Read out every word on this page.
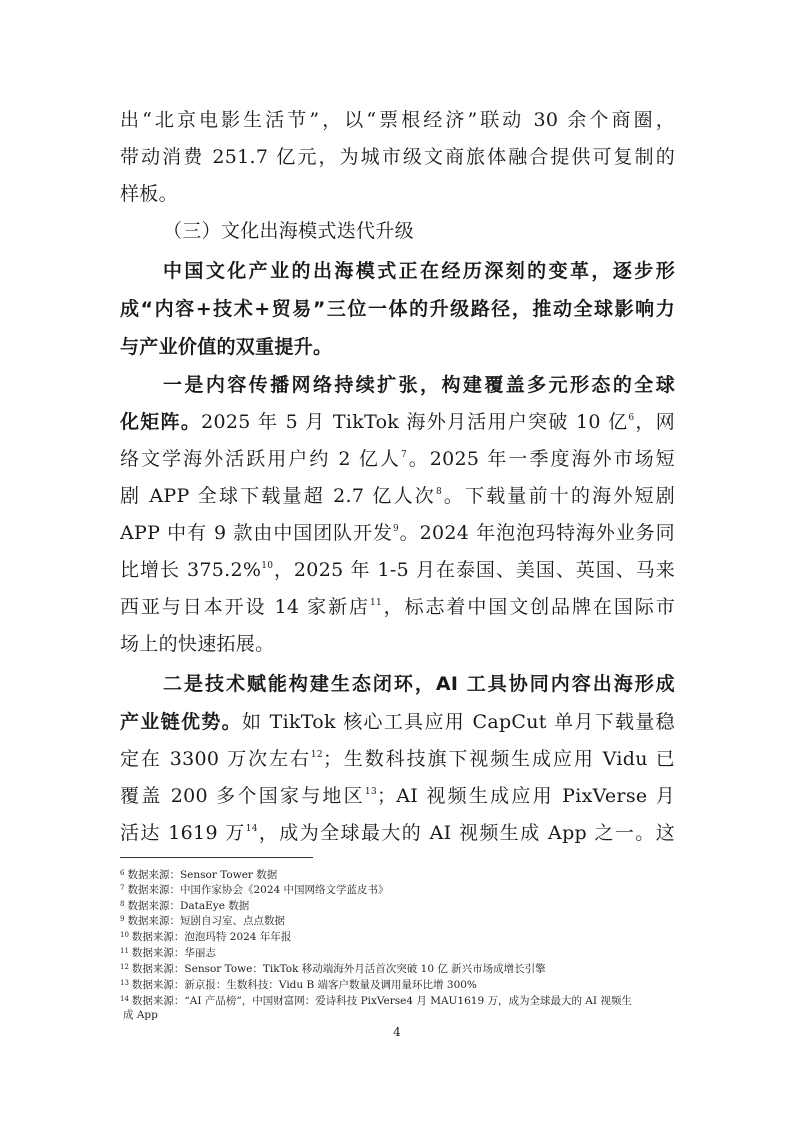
出“北京电影生活节”，以“票根经济”联动 30 余个商圈，
带动消费 251.7 亿元，为城市级文商旅体融合提供可复制的
样板。
（三）文化出海模式迭代升级
中国文化产业的出海模式正在经历深刻的变革，逐步形
成“内容+技术+贸易”三位一体的升级路径，推动全球影响力
与产业价值的双重提升。
一是内容传播网络持续扩张，构建覆盖多元形态的全球
化矩阵。2025 年 5 月 TikTok 海外月活用户突破 10 亿$^6$，网
络文学海外活跃用户约 2 亿人$^7$。2025 年一季度海外市场短
剧 APP 全球下载量超 2.7 亿人次$^8$。下载量前十的海外短剧
APP 中有 9 款由中国团队开发$^9$。2024 年泡泡玛特海外业务同
比增长 375.2%$^{10}$，2025 年 1-5 月在泰国、美国、英国、马来
西亚与日本开设 14 家新店$^{11}$，标志着中国文创品牌在国际市
场上的快速拓展。
二是技术赋能构建生态闭环，AI 工具协同内容出海形成
产业链优势。如 TikTok 核心工具应用 CapCut 单月下载量稳
定在 3300 万次左右$^{12}$；生数科技旗下视频生成应用 Vidu 已
覆盖 200 多个国家与地区$^{13}$；AI 视频生成应用 PixVerse 月
活达 1619 万$^{14}$，成为全球最大的 AI 视频生成 App 之一。这
$^6$ 数据来源：Sensor Tower 数据
$^7$ 数据来源：中国作家协会《2024 中国网络文学蓝皮书》
$^8$ 数据来源：DataEye 数据
$^9$ 数据来源：短剧自习室、点点数据
$^{10}$ 数据来源：泡泡玛特 2024 年年报
$^{11}$ 数据来源：华丽志
$^{12}$ 数据来源：Sensor Towe：TikTok 移动端海外月活首次突破 10 亿 新兴市场成增长引擎
$^{13}$ 数据来源：新京报：生数科技：Vidu B 端客户数量及调用量环比增 300%
$^{14}$ 数据来源：“AI 产品榜”，中国财富网：爱诗科技 PixVerse4 月 MAU1619 万，成为全球最大的 AI 视频生
成 App
4
